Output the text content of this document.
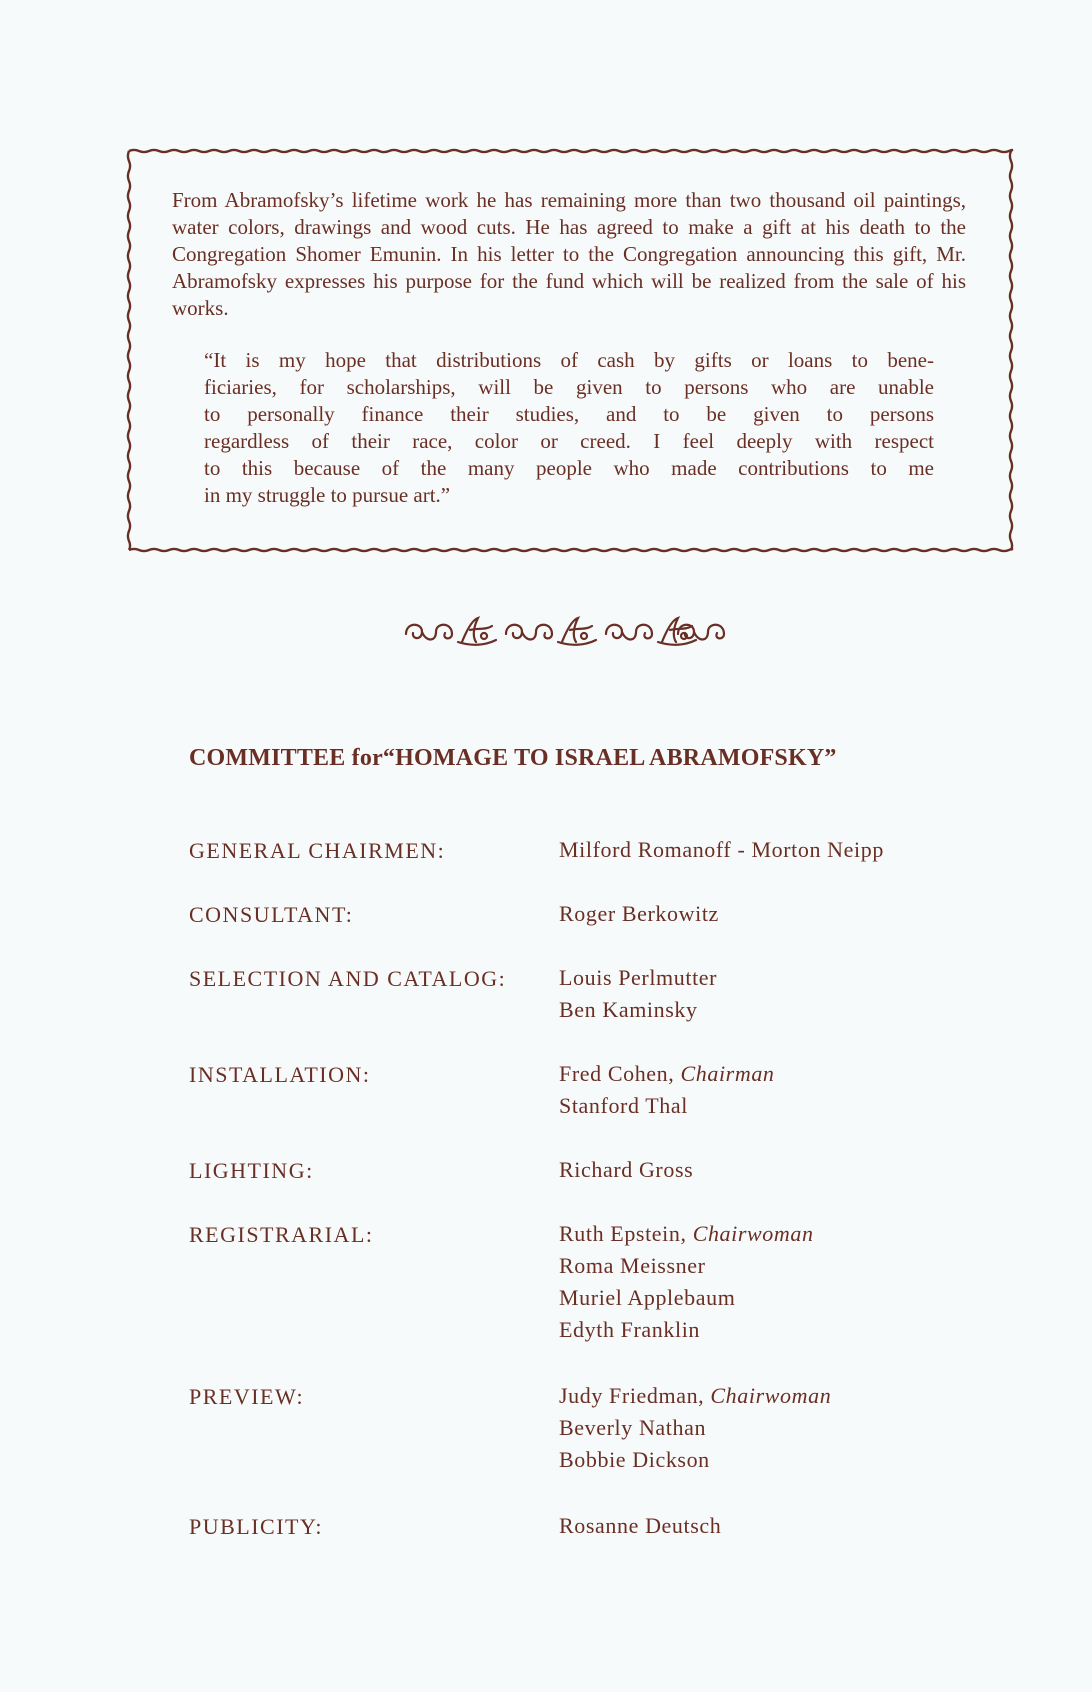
From Abramofsky’s lifetime work he has remaining more than two thousand oil paintings, water colors, drawings and wood cuts. He has agreed to make a gift at his death to the Congregation Shomer Emunin. In his letter to the Congregation announcing this gift, Mr. Abramofsky expresses his purpose for the fund which will be realized from the sale of his works.

“It is my hope that distributions of cash by gifts or loans to bene-
ficiaries, for scholarships, will be given to persons who are unable
to personally finance their studies, and to be given to persons
regardless of their race, color or creed. I feel deeply with respect
to this because of the many people who made contributions to me
in my struggle to pursue art.”

COMMITTEE for“HOMAGE TO ISRAEL ABRAMOFSKY”
GENERAL CHAIRMEN:	Milford Romanoff - Morton Neipp
CONSULTANT:	Roger Berkowitz
SELECTION AND CATALOG: Louis Perlmutter
Ben Kaminsky
INSTALLATION:	Fred Cohen, Chairman
Stanford Thal
LIGHTING:	Richard Gross
REGISTRARIAL:	Ruth Epstein, Chairwoman
Roma Meissner
Muriel Applebaum
Edyth Franklin
PREVIEW:	Judy Friedman, Chairwoman
Beverly Nathan
Bobbie Dickson
PUBLICITY:	Rosanne Deutsch
